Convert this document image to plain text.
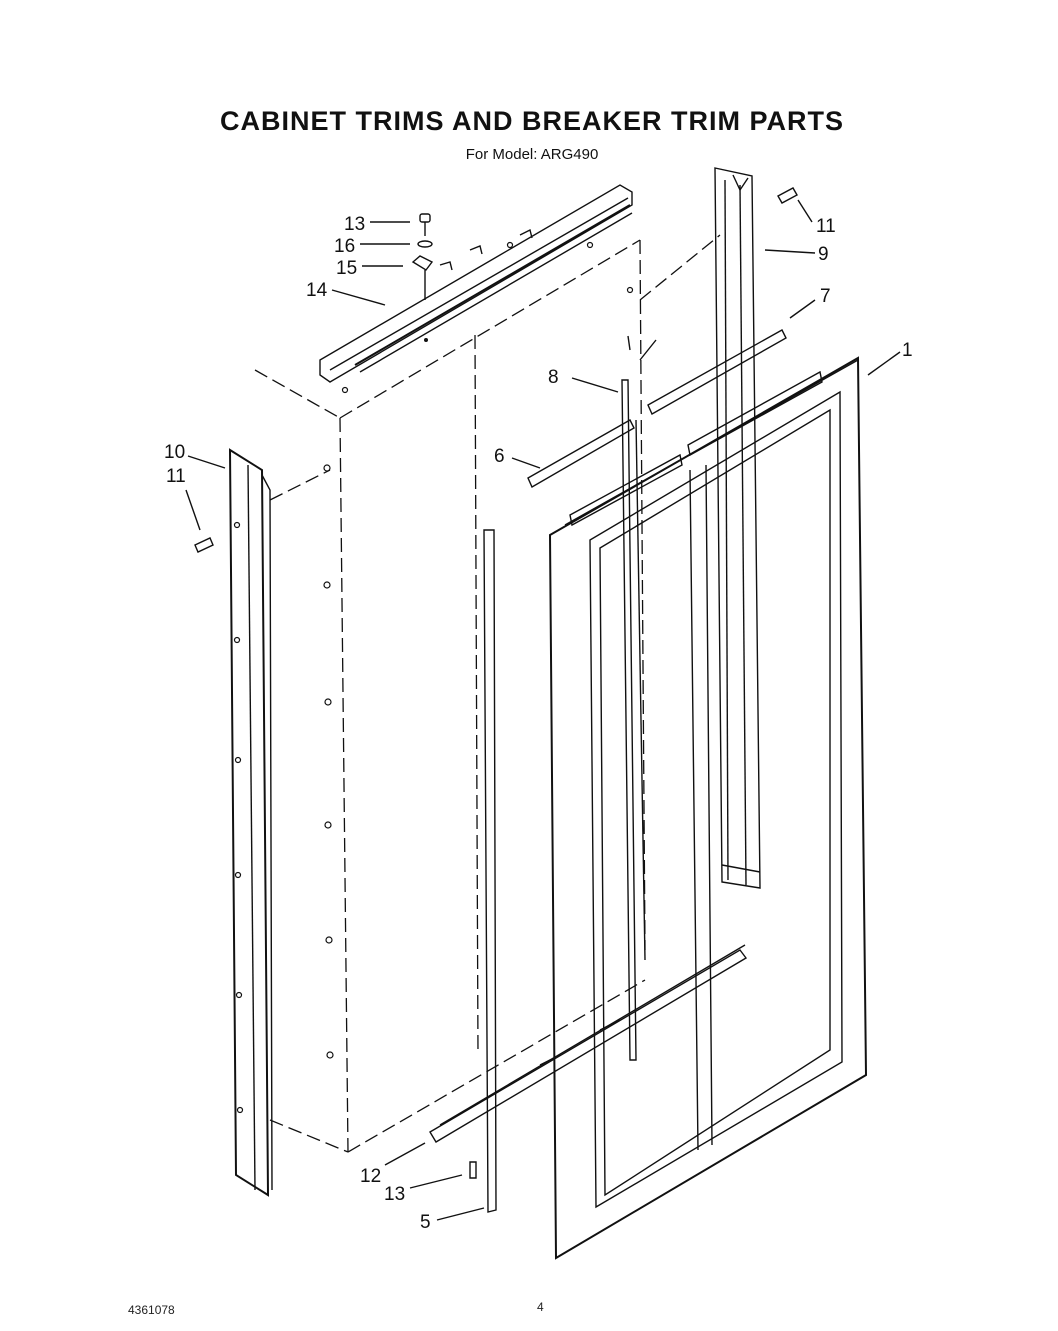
CABINET TRIMS AND BREAKER TRIM PARTS
For Model: ARG490
13
16
15
14
11
9
7
1
8
6
10
11
12
13
5
4361078	4
